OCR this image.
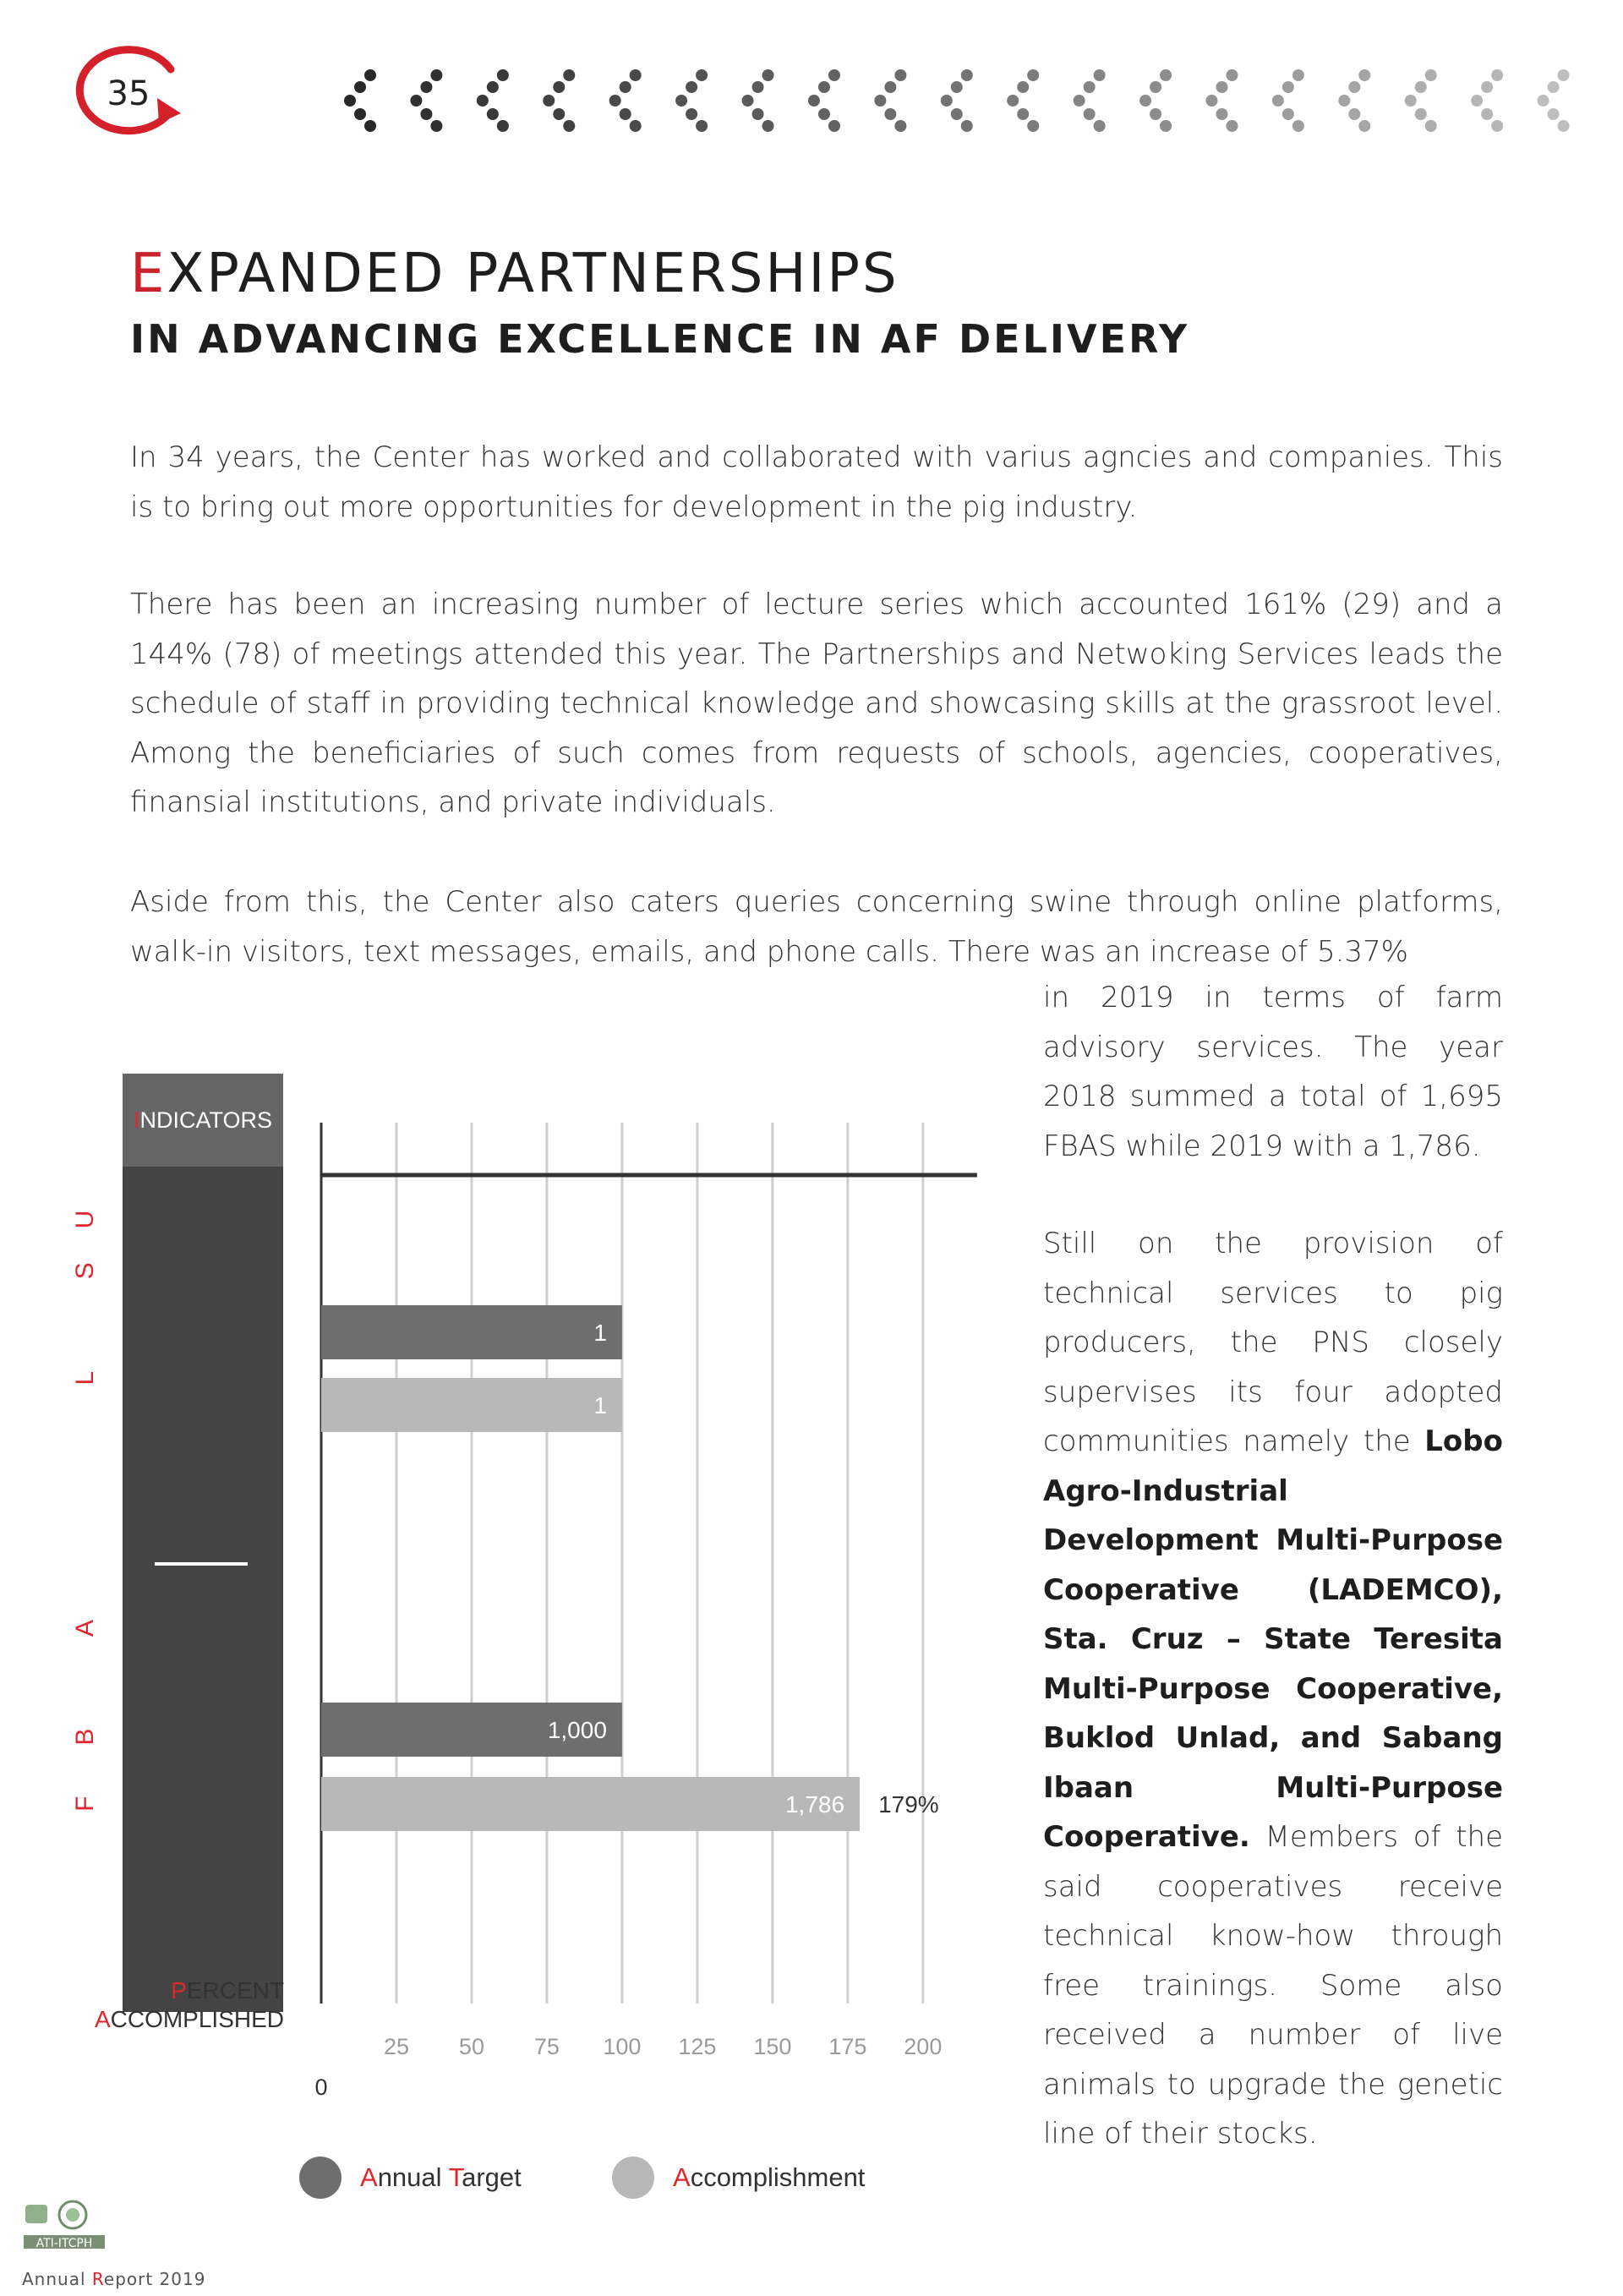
35
EXPANDED PARTNERSHIPS
IN ADVANCING EXCELLENCE IN AF DELIVERY

In 34 years, the Center has worked and collaborated with varius agncies and companies. This is to bring out more opportunities for development in the pig industry.

There has been an increasing number of lecture series which accounted 161% (29) and a 144% (78) of meetings attended this year. The Partnerships and Netwoking Services leads the schedule of staff in providing technical knowledge and showcasing skills at the grassroot level. Among the beneficiaries of such comes from requests of schools, agencies, cooperatives, finansial institutions, and private individuals.

Aside from this, the Center also caters queries concerning swine through online platforms, walk-in visitors, text messages, emails, and phone calls. There was an increase of 5.37%

in 2019 in terms of farm advisory services. The year 2018 summed a total of 1,695 FBAS while 2019 with a 1,786.

Still on the provision of technical services to pig producers, the PNS closely supervises its four adopted communities namely the Lobo Agro-Industrial Development Multi-Purpose Cooperative (LADEMCO), Sta. Cruz – State Teresita Multi-Purpose Cooperative, Buklod Unlad, and Sabang Ibaan Multi-Purpose Cooperative. Members of the said cooperatives receive technical know-how through free trainings. Some also received a number of live animals to upgrade the genetic line of their stocks.

I NDICATORS
25 50 75 100 125 150 175 200
0
1
1
1,000
1,786 179%
Learning Site Upgraded
Farm Business Advisory
PERCENT
ACCOMPLISHED
Annual Target	Accomplishment
ATI-ITCPH
Annual Report 2019
